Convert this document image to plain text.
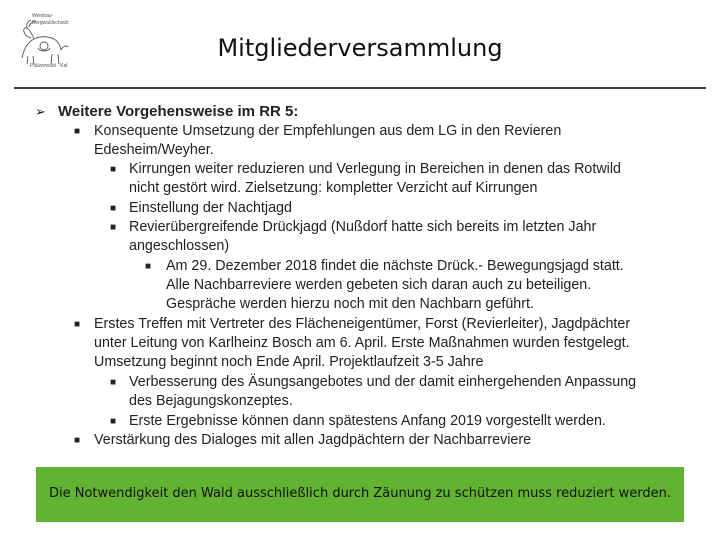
Weinbau-
Bergwaldschutzt
Pfälzerwald · Kal
Mitgliederversammlung
➢ Weitere Vorgehensweise im RR 5:
■ Konsequente Umsetzung der Empfehlungen aus dem LG in den Revieren
Edesheim/Weyher.
■ Kirrungen weiter reduzieren und Verlegung in Bereichen in denen das Rotwild
nicht gestört wird. Zielsetzung: kompletter Verzicht auf Kirrungen
■ Einstellung der Nachtjagd
■ Revierübergreifende Drückjagd (Nußdorf hatte sich bereits im letzten Jahr
angeschlossen)
■ Am 29. Dezember 2018 findet die nächste Drück.- Bewegungsjagd statt.
Alle Nachbarreviere werden gebeten sich daran auch zu beteiligen.
Gespräche werden hierzu noch mit den Nachbarn geführt.
■ Erstes Treffen mit Vertreter des Flächeneigentümer, Forst (Revierleiter), Jagdpächter
unter Leitung von Karlheinz Bosch am 6. April. Erste Maßnahmen wurden festgelegt.
Umsetzung beginnt noch Ende April. Projektlaufzeit 3-5 Jahre
■ Verbesserung des Äsungsangebotes und der damit einhergehenden Anpassung
des Bejagungskonzeptes.
■ Erste Ergebnisse können dann spätestens Anfang 2019 vorgestellt werden.
■ Verstärkung des Dialoges mit allen Jagdpächtern der Nachbarreviere
Die Notwendigkeit den Wald ausschließlich durch Zäunung zu schützen muss reduziert werden.
